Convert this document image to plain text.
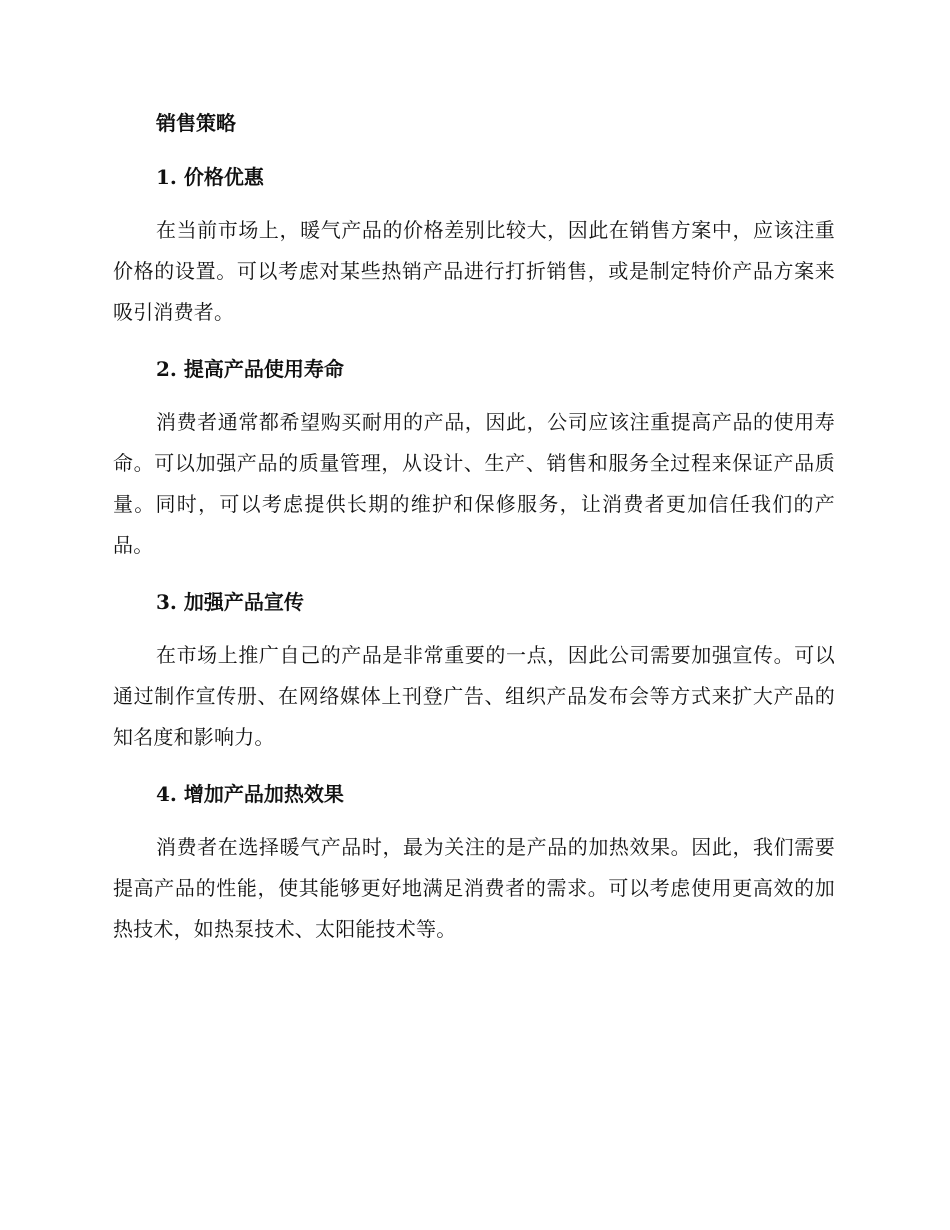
销售策略
1. 价格优惠

在当前市场上，暖气产品的价格差别比较大，因此在销售方案中，应该注重价格的设置。可以考虑对某些热销产品进行打折销售，或是制定特价产品方案来吸引消费者。

2. 提高产品使用寿命

消费者通常都希望购买耐用的产品，因此，公司应该注重提高产品的使用寿命。可以加强产品的质量管理，从设计、生产、销售和服务全过程来保证产品质量。同时，可以考虑提供长期的维护和保修服务，让消费者更加信任我们的产品。

3. 加强产品宣传

在市场上推广自己的产品是非常重要的一点，因此公司需要加强宣传。可以通过制作宣传册、在网络媒体上刊登广告、组织产品发布会等方式来扩大产品的知名度和影响力。

4. 增加产品加热效果

消费者在选择暖气产品时，最为关注的是产品的加热效果。因此，我们需要提高产品的性能，使其能够更好地满足消费者的需求。可以考虑使用更高效的加热技术，如热泵技术、太阳能技术等。
